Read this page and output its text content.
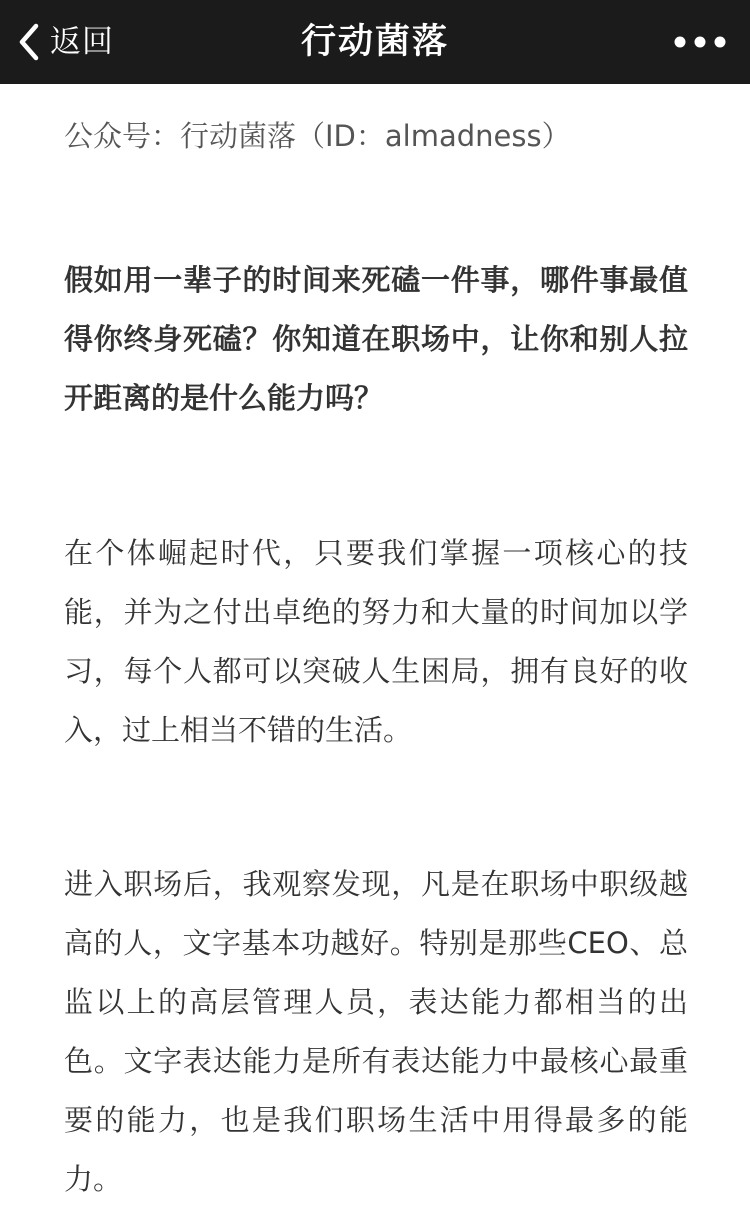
返回	行动菌落

公众号：行动菌落（ID：almadness）

假如用一辈子的时间来死磕一件事，哪件事最值得你终身死磕？你知道在职场中，让你和别人拉开距离的是什么能力吗？

在个体崛起时代，只要我们掌握一项核心的技能，并为之付出卓绝的努力和大量的时间加以学习，每个人都可以突破人生困局，拥有良好的收入，过上相当不错的生活。

进入职场后，我观察发现，凡是在职场中职级越高的人，文字基本功越好。特别是那些CEO、总监以上的高层管理人员，表达能力都相当的出色。文字表达能力是所有表达能力中最核心最重要的能力，也是我们职场生活中用得最多的能力。
